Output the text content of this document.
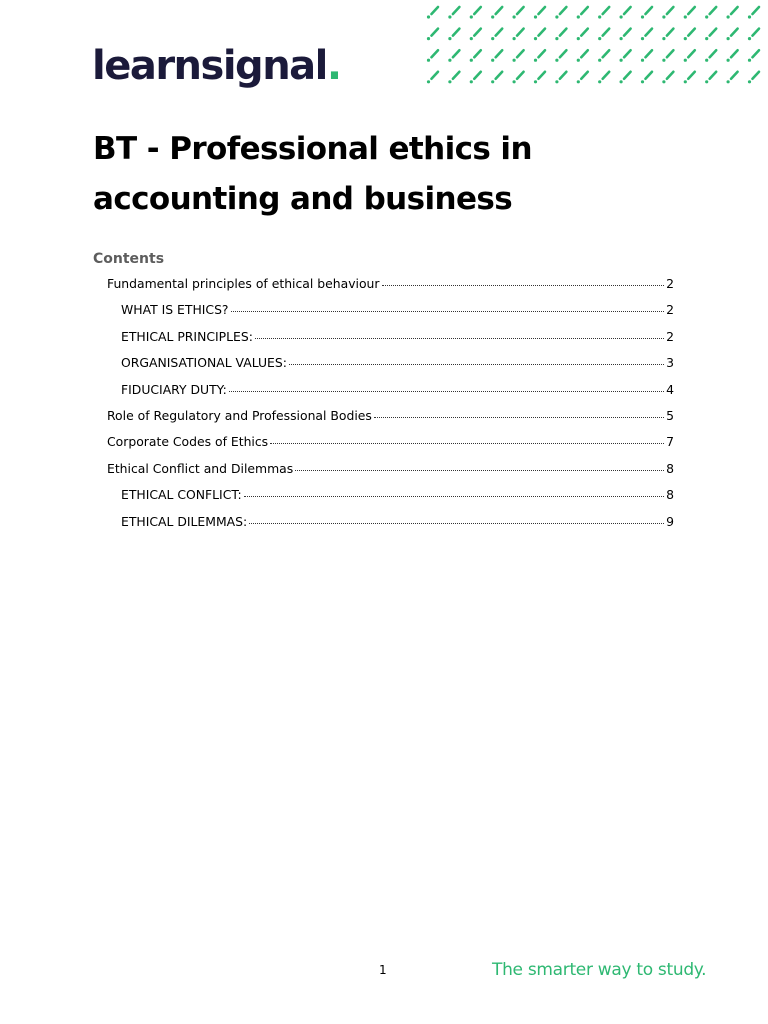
learnsignal .
BT - Professional ethics in accounting and business
Contents
Fundamental principles of ethical behaviour	2
WHAT IS ETHICS?	2
ETHICAL PRINCIPLES:	2
ORGANISATIONAL VALUES:	3
FIDUCIARY DUTY:	4
Role of Regulatory and Professional Bodies	5
Corporate Codes of Ethics	7
Ethical Conflict and Dilemmas	8
ETHICAL CONFLICT:	8
ETHICAL DILEMMAS:	9
1	The smarter way to study.
